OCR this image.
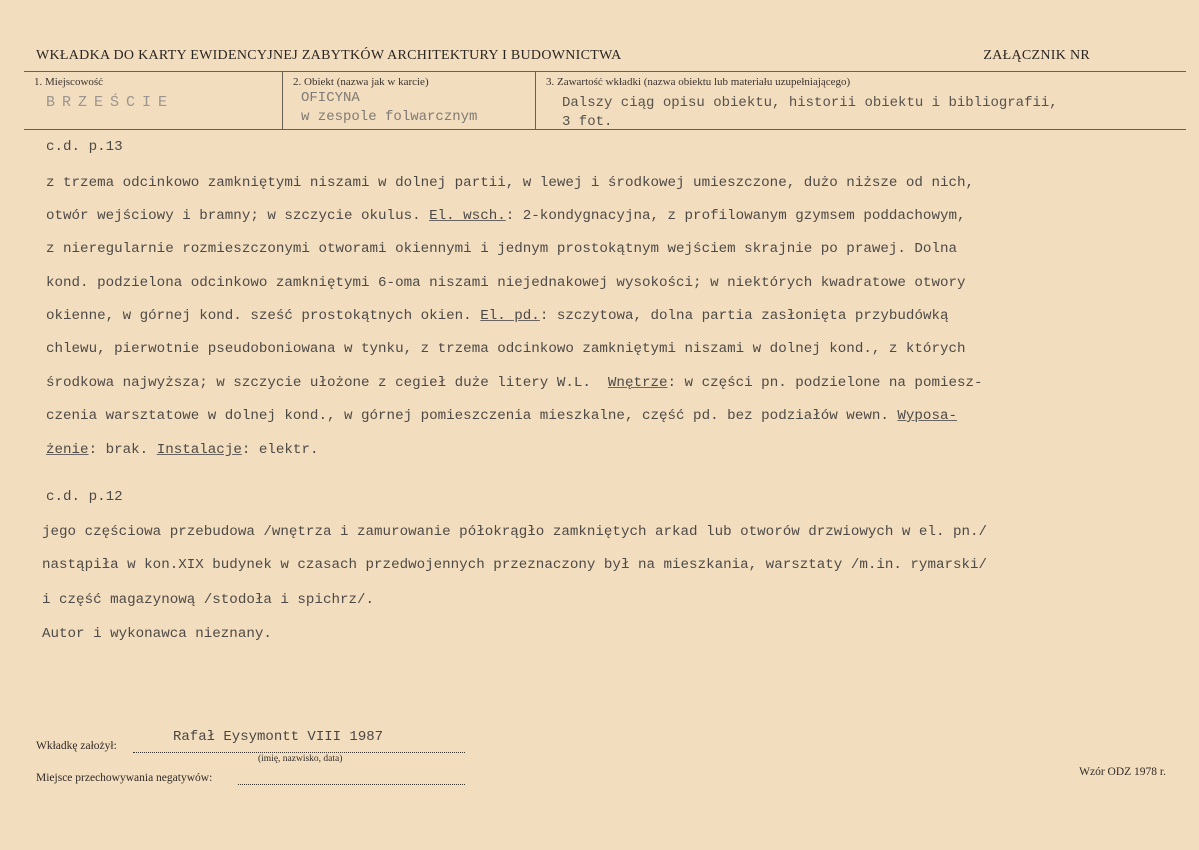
WKŁADKA DO KARTY EWIDENCYJNEJ ZABYTKÓW ARCHITEKTURY I BUDOWNICTWA	ZAŁĄCZNIK NR
1. Miejscowość
BRZEŚCIE
2. Obiekt (nazwa jak w karcie)
OFICYNA
w zespole folwarcznym
3. Zawartość wkładki (nazwa obiektu lub materiału uzupełniającego)
Dalszy ciąg opisu obiektu, historii obiektu i bibliografii,
3 fot.

c.d. p.13

z trzema odcinkowo zamkniętymi niszami w dolnej partii, w lewej i środkowej umieszczone, dużo niższe od nich,

otwór wejściowy i bramny; w szczycie okulus. El. wsch.: 2-kondygnacyjna, z profilowanym gzymsem poddachowym,

z nieregularnie rozmieszczonymi otworami okiennymi i jednym prostokątnym wejściem skrajnie po prawej. Dolna

kond. podzielona odcinkowo zamkniętymi 6-oma niszami niejednakowej wysokości; w niektórych kwadratowe otwory

okienne, w górnej kond. sześć prostokątnych okien. El. pd.: szczytowa, dolna partia zasłonięta przybudówką

chlewu, pierwotnie pseudoboniowana w tynku, z trzema odcinkowo zamkniętymi niszami w dolnej kond., z których

środkowa najwyższa; w szczycie ułożone z cegieł duże litery W.L.  Wnętrze: w części pn. podzielone na pomiesz-

czenia warsztatowe w dolnej kond., w górnej pomieszczenia mieszkalne, część pd. bez podziałów wewn. Wyposa-

żenie: brak. Instalacje: elektr.

c.d. p.12

jego częściowa przebudowa /wnętrza i zamurowanie półokrągło zamkniętych arkad lub otworów drzwiowych w el. pn./

nastąpiła w kon.XIX budynek w czasach przedwojennych przeznaczony był na mieszkania, warsztaty /m.in. rymarski/

i część magazynową /stodoła i spichrz/.

Autor i wykonawca nieznany.

Wkładkę założył:
Rafał Eysymontt VIII 1987
(imię, nazwisko, data)
Miejsce przechowywania negatywów:	Wzór ODZ 1978 r.
